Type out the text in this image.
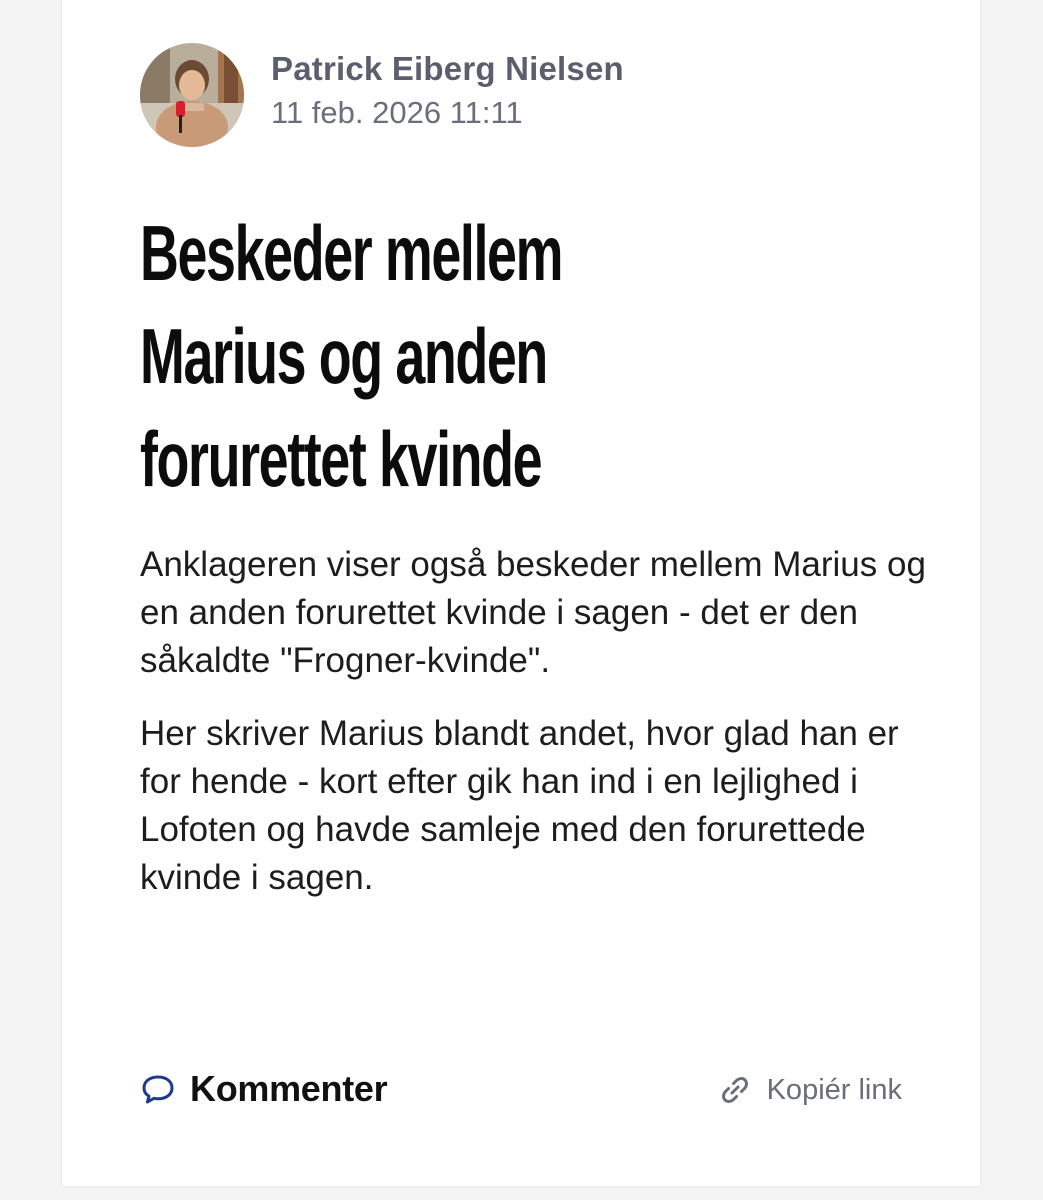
Patrick Eiberg Nielsen
11 feb. 2026 11:11
Beskeder mellem
Marius og anden
forurettet kvinde

Anklageren viser også beskeder mellem Marius og en anden forurettet kvinde i sagen - det er den såkaldte "Frogner-kvinde".

Her skriver Marius blandt andet, hvor glad han er for hende - kort efter gik han ind i en lejlighed i Lofoten og havde samleje med den forurettede kvinde i sagen.

Kommenter	Kopiér link
